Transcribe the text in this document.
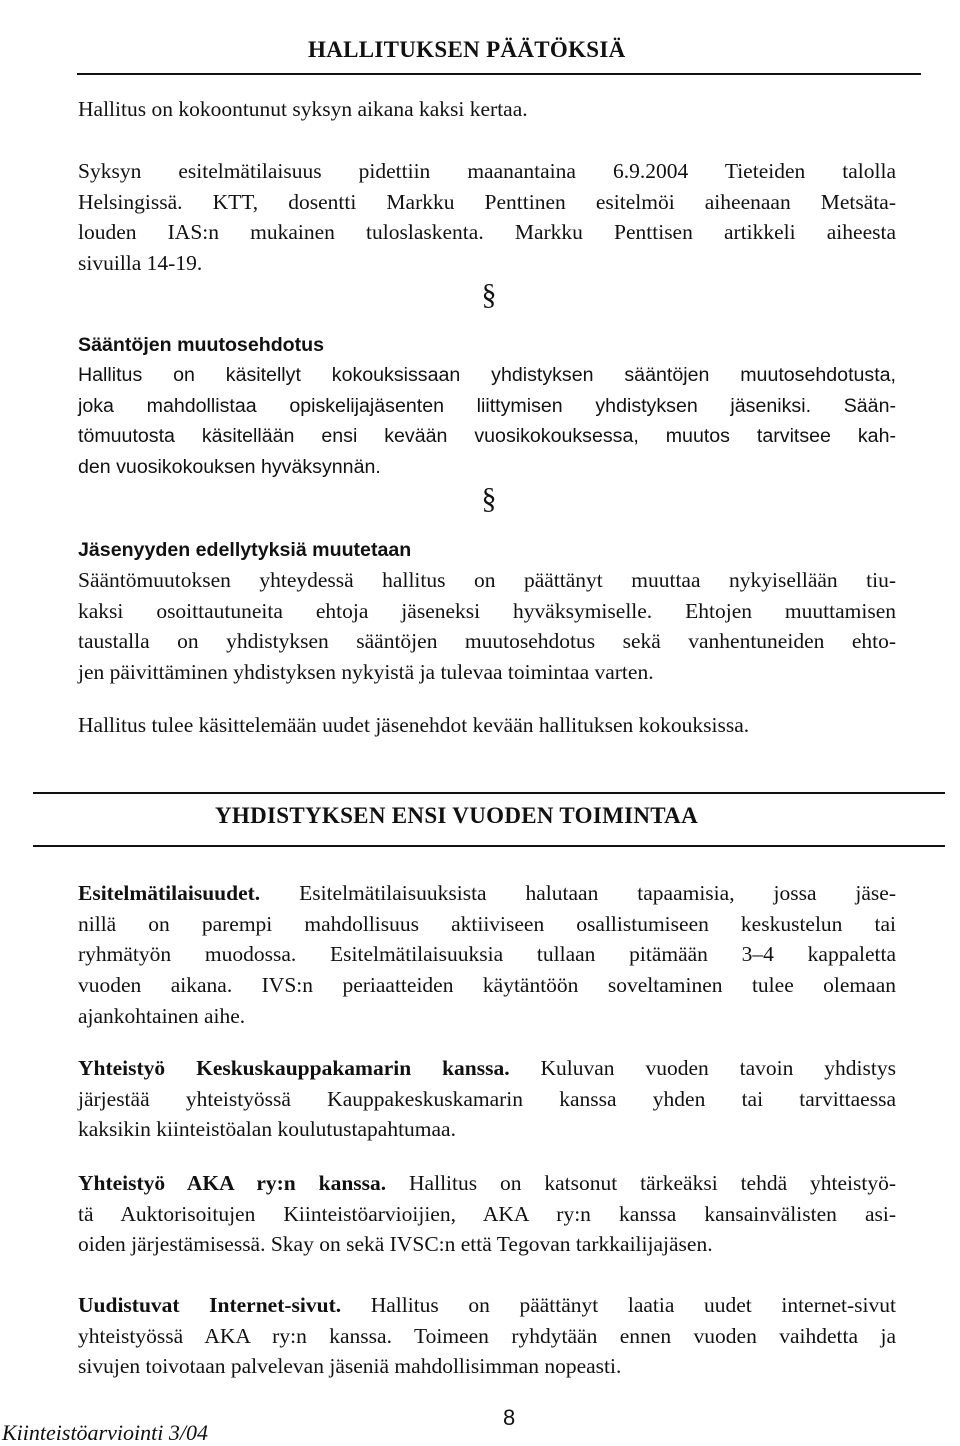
HALLITUKSEN PÄÄTÖKSIÄ
Hallitus on kokoontunut syksyn aikana kaksi kertaa.
Syksyn esitelmätilaisuus pidettiin maanantaina 6.9.2004 Tieteiden talolla
Helsingissä. KTT, dosentti Markku Penttinen esitelmöi aiheenaan Metsäta-
louden IAS:n mukainen tuloslaskenta. Markku Penttisen artikkeli aiheesta
sivuilla 14-19.
§
Sääntöjen muutosehdotus
Hallitus on käsitellyt kokouksissaan yhdistyksen sääntöjen muutosehdotusta,
joka mahdollistaa opiskelijajäsenten liittymisen yhdistyksen jäseniksi. Sään-
tömuutosta käsitellään ensi kevään vuosikokouksessa, muutos tarvitsee kah-
den vuosikokouksen hyväksynnän.
§
Jäsenyyden edellytyksiä muutetaan
Sääntömuutoksen yhteydessä hallitus on päättänyt muuttaa nykyisellään tiu-
kaksi osoittautuneita ehtoja jäseneksi hyväksymiselle. Ehtojen muuttamisen
taustalla on yhdistyksen sääntöjen muutosehdotus sekä vanhentuneiden ehto-
jen päivittäminen yhdistyksen nykyistä ja tulevaa toimintaa varten.
Hallitus tulee käsittelemään uudet jäsenehdot kevään hallituksen kokouksissa.
YHDISTYKSEN ENSI VUODEN TOIMINTAA
Esitelmätilaisuudet. Esitelmätilaisuuksista halutaan tapaamisia, jossa jäse-
nillä on parempi mahdollisuus aktiiviseen osallistumiseen keskustelun tai
ryhmätyön muodossa. Esitelmätilaisuuksia tullaan pitämään 3–4 kappaletta
vuoden aikana. IVS:n periaatteiden käytäntöön soveltaminen tulee olemaan
ajankohtainen aihe.
Yhteistyö Keskuskauppakamarin kanssa. Kuluvan vuoden tavoin yhdistys
järjestää yhteistyössä Kauppakeskuskamarin kanssa yhden tai tarvittaessa
kaksikin kiinteistöalan koulutustapahtumaa.
Yhteistyö AKA ry:n kanssa. Hallitus on katsonut tärkeäksi tehdä yhteistyö-
tä Auktorisoitujen Kiinteistöarvioijien, AKA ry:n kanssa kansainvälisten asi-
oiden järjestämisessä. Skay on sekä IVSC:n että Tegovan tarkkailijajäsen.
Uudistuvat Internet-sivut. Hallitus on päättänyt laatia uudet internet-sivut
yhteistyössä AKA ry:n kanssa. Toimeen ryhdytään ennen vuoden vaihdetta ja
sivujen toivotaan palvelevan jäseniä mahdollisimman nopeasti.
Kiinteistöarviointi 3/04
8
